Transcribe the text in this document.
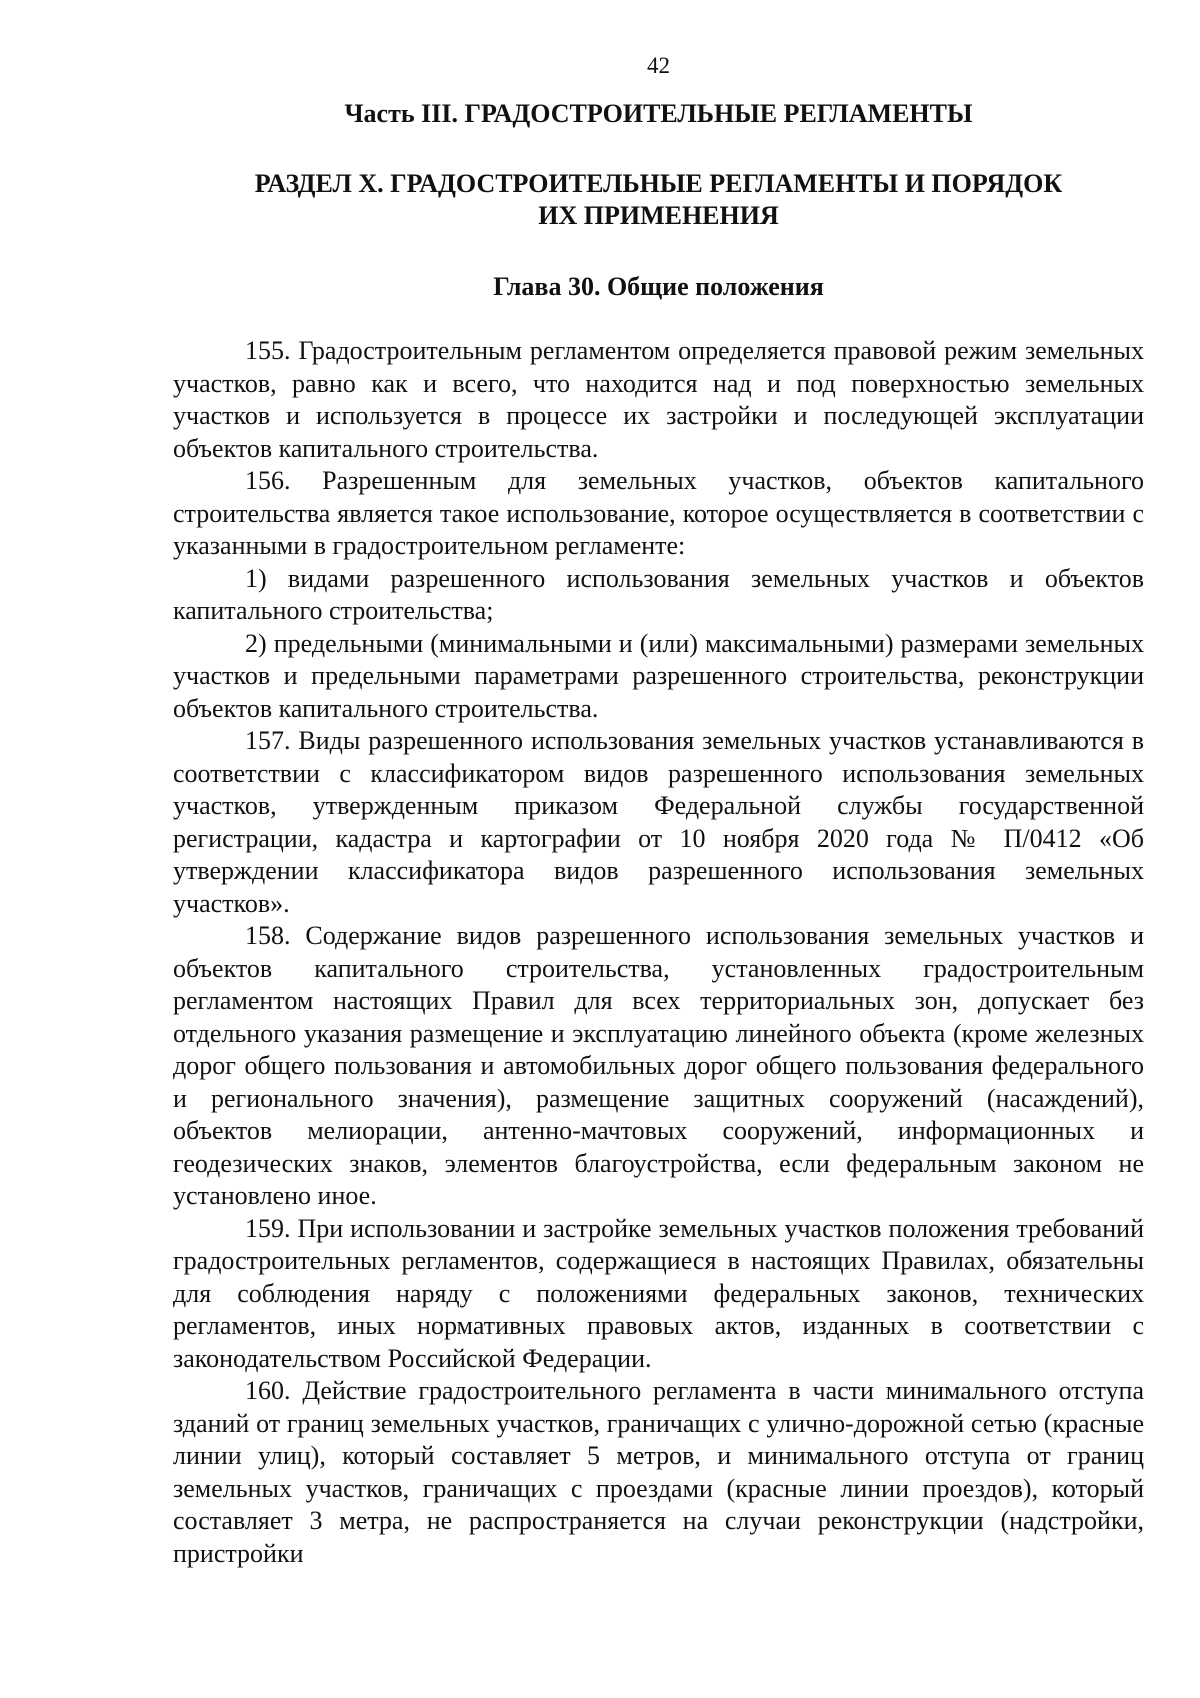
42
Часть III. ГРАДОСТРОИТЕЛЬНЫЕ РЕГЛАМЕНТЫ
РАЗДЕЛ X. ГРАДОСТРОИТЕЛЬНЫЕ РЕГЛАМЕНТЫ И ПОРЯДОК
ИХ ПРИМЕНЕНИЯ
Глава 30. Общие положения

155. Градостроительным регламентом определяется правовой режим земельных участков, равно как и всего, что находится над и под поверхностью земельных участков и используется в процессе их застройки и последующей эксплуатации объектов капитального строительства.

156. Разрешенным для земельных участков, объектов капитального строительства является такое использование, которое осуществляется в соответствии с указанными в градостроительном регламенте:

1) видами разрешенного использования земельных участков и объектов капитального строительства;

2) предельными (минимальными и (или) максимальными) размерами земельных участков и предельными параметрами разрешенного строительства, реконструкции объектов капитального строительства.

157. Виды разрешенного использования земельных участков устанавливаются в соответствии с классификатором видов разрешенного использования земельных участков, утвержденным приказом Федеральной службы государственной регистрации, кадастра и картографии от 10 ноября 2020 года № П/0412 «Об утверждении классификатора видов разрешенного использования земельных участков».

158. Содержание видов разрешенного использования земельных участков и объектов капитального строительства, установленных градостроительным регламентом настоящих Правил для всех территориальных зон, допускает без отдельного указания размещение и эксплуатацию линейного объекта (кроме железных дорог общего пользования и автомобильных дорог общего пользования федерального и регионального значения), размещение защитных сооружений (насаждений), объектов мелиорации, антенно-мачтовых сооружений, информационных и геодезических знаков, элементов благоустройства, если федеральным законом не установлено иное.

159. При использовании и застройке земельных участков положения требований градостроительных регламентов, содержащиеся в настоящих Правилах, обязательны для соблюдения наряду с положениями федеральных законов, технических регламентов, иных нормативных правовых актов, изданных в соответствии с законодательством Российской Федерации.

160. Действие градостроительного регламента в части минимального отступа зданий от границ земельных участков, граничащих с улично-дорожной сетью (красные линии улиц), который составляет 5 метров, и минимального отступа от границ земельных участков, граничащих с проездами (красные линии проездов), который составляет 3 метра, не распространяется на случаи реконструкции (надстройки, пристройки
